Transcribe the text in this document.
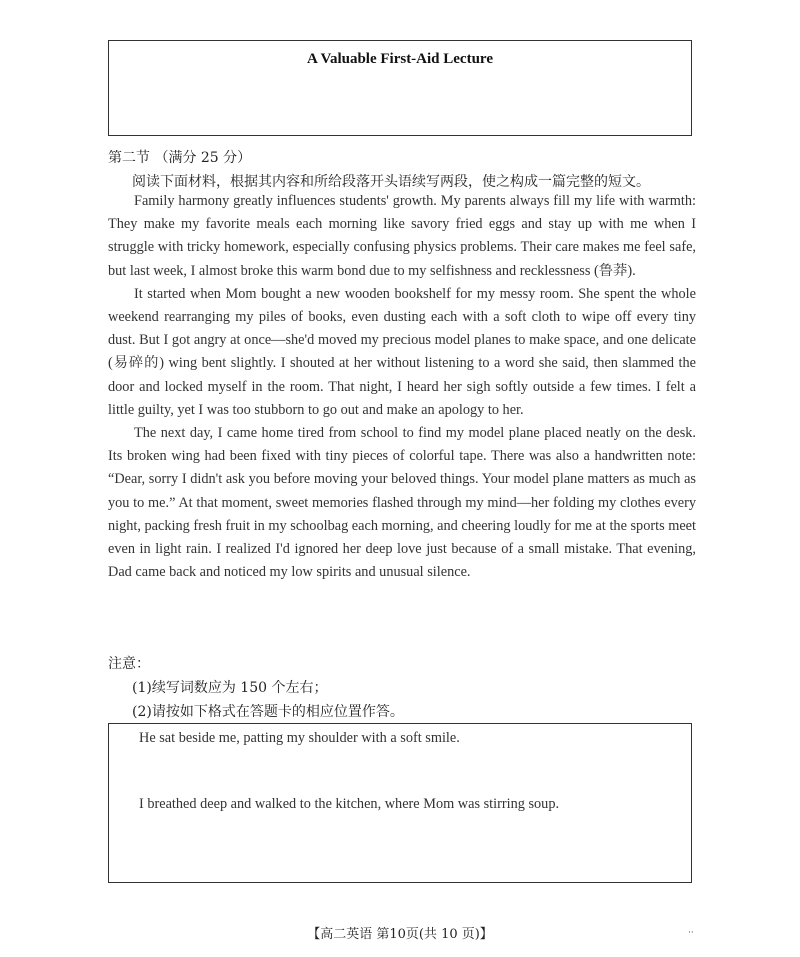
A Valuable First-Aid Lecture
第二节 （满分 25 分）
阅读下面材料，根据其内容和所给段落开头语续写两段，使之构成一篇完整的短文。

Family harmony greatly influences students' growth. My parents always fill my life with warmth: They make my favorite meals each morning like savory fried eggs and stay up with me when I struggle with tricky homework, especially confusing physics problems. Their care makes me feel safe, but last week, I almost broke this warm bond due to my selfishness and recklessness (鲁莽).

It started when Mom bought a new wooden bookshelf for my messy room. She spent the whole weekend rearranging my piles of books, even dusting each with a soft cloth to wipe off every tiny dust. But I got angry at once—she'd moved my precious model planes to make space, and one delicate (易碎的) wing bent slightly. I shouted at her without listening to a word she said, then slammed the door and locked myself in the room. That night, I heard her sigh softly outside a few times. I felt a little guilty, yet I was too stubborn to go out and make an apology to her.

The next day, I came home tired from school to find my model plane placed neatly on the desk. Its broken wing had been fixed with tiny pieces of colorful tape. There was also a handwritten note: “Dear, sorry I didn't ask you before moving your beloved things. Your model plane matters as much as you to me.” At that moment, sweet memories flashed through my mind—her folding my clothes every night, packing fresh fruit in my schoolbag each morning, and cheering loudly for me at the sports meet even in light rain. I realized I'd ignored her deep love just because of a small mistake. That evening, Dad came back and noticed my low spirits and unusual silence.

注意：
(1)续写词数应为 150 个左右；
(2)请按如下格式在答题卡的相应位置作答。
He sat beside me, patting my shoulder with a soft smile.
I breathed deep and walked to the kitchen, where Mom was stirring soup.
【高二英语 第10页(共 10 页)】	··
